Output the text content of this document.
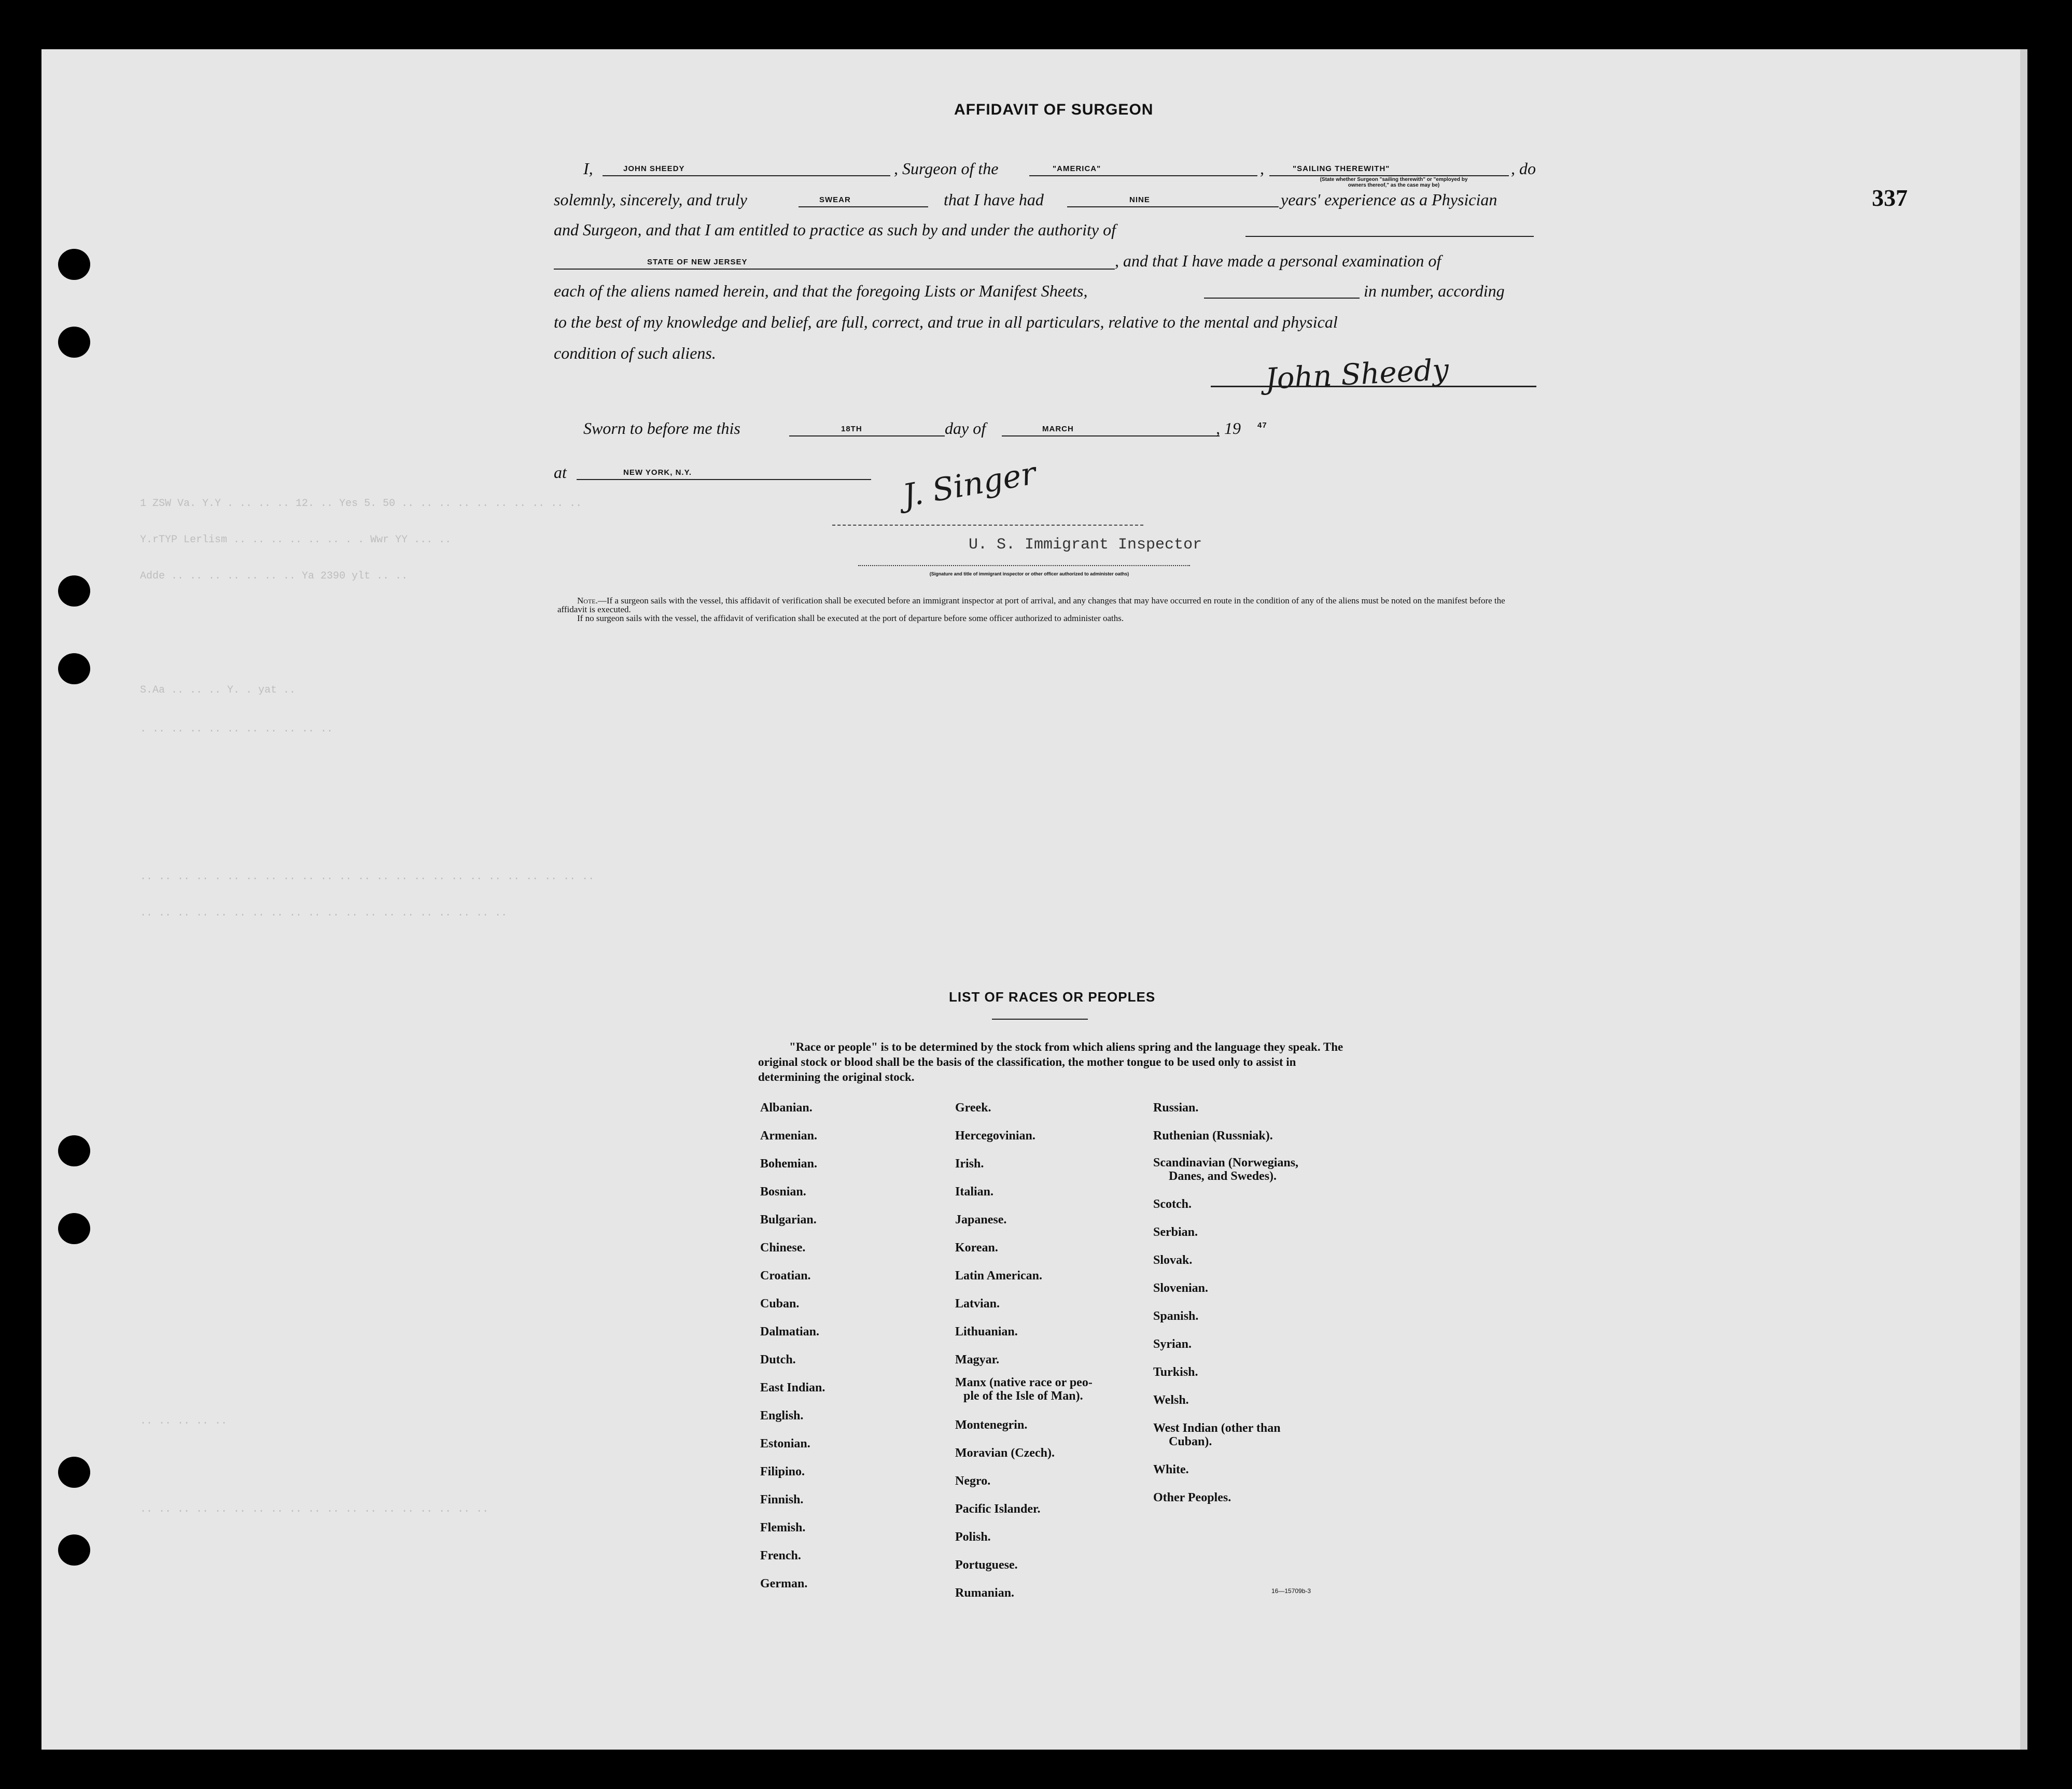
337
1 ZSW Va. Y.Y . .. .. .. 12. .. Yes 5. 50 .. .. .. .. .. .. .. .. .. ..
Y.rTYP Lerlism .. .. .. .. .. .. . . Wwr YY ... ..
Adde .. .. .. .. .. .. .. Ya 2390 ylt .. ..
S.Aa .. .. .. Y. . yat ..
. .. .. .. .. .. .. .. .. .. ..
.. .. .. .. . .. .. .. .. .. .. .. .. .. .. .. .. .. .. .. .. .. .. .. ..
.. .. .. .. .. .. .. .. .. .. .. .. .. .. .. .. .. .. .. ..
.. .. .. .. ..
.. .. .. .. .. .. .. .. .. .. .. .. .. .. .. .. .. .. ..
AFFIDAVIT OF SURGEON
I,	JOHN SHEEDY	, Surgeon of the	"AMERICA"	,	"SAILING THEREWITH"	, do
(State whether Surgeon "sailing therewith" or "employed by
owners thereof," as the case may be)
solemnly, sincerely, and truly	SWEAR	that I have had	NINE	years' experience as a Physician
and Surgeon, and that I am entitled to practice as such by and under the authority of
STATE OF NEW JERSEY	, and that I have made a personal examination of
each of the aliens named herein, and that the foregoing Lists or Manifest Sheets,	in number, according
to the best of my knowledge and belief, are full, correct, and true in all particulars, relative to the mental and physical
condition of such aliens.	John Sheedy
Sworn to before me this	18TH	day of	MARCH	, 19 47
at	NEW YORK, N.Y.	J. Singer
U. S. Immigrant Inspector
(Signature and title of immigrant inspector or other officer authorized to administer oaths)
Note.—If a surgeon sails with the vessel, this affidavit of verification shall be executed before an immigrant inspector at port of arrival, and any changes that may have occurred en route in the condition of any of the aliens must be noted on the manifest before the affidavit is executed.
If no surgeon sails with the vessel, the affidavit of verification shall be executed at the port of departure before some officer authorized to administer oaths.
LIST OF RACES OR PEOPLES
"Race or people" is to be determined by the stock from which aliens spring and the language they speak. The original stock or blood shall be the basis of the classification, the mother tongue to be used only to assist in determining the original stock.
Albanian.
Armenian.
Bohemian.
Bosnian.
Bulgarian.
Chinese.
Croatian.
Cuban.
Dalmatian.
Dutch.
East Indian.
English.
Estonian.
Filipino.
Finnish.
Flemish.
French.
German.
Greek.
Hercegovinian.
Irish.
Italian.
Japanese.
Korean.
Latin American.
Latvian.
Lithuanian.
Magyar.
Manx (native race or peo-
ple of the Isle of Man).
Montenegrin.
Moravian (Czech).
Negro.
Pacific Islander.
Polish.
Portuguese.
Rumanian.
Russian.
Ruthenian (Russniak).
Scandinavian (Norwegians,
Danes, and Swedes).
Scotch.
Serbian.
Slovak.
Slovenian.
Spanish.
Syrian.
Turkish.
Welsh.
West Indian (other than
Cuban).
White.
Other Peoples.
16—15709b-3
